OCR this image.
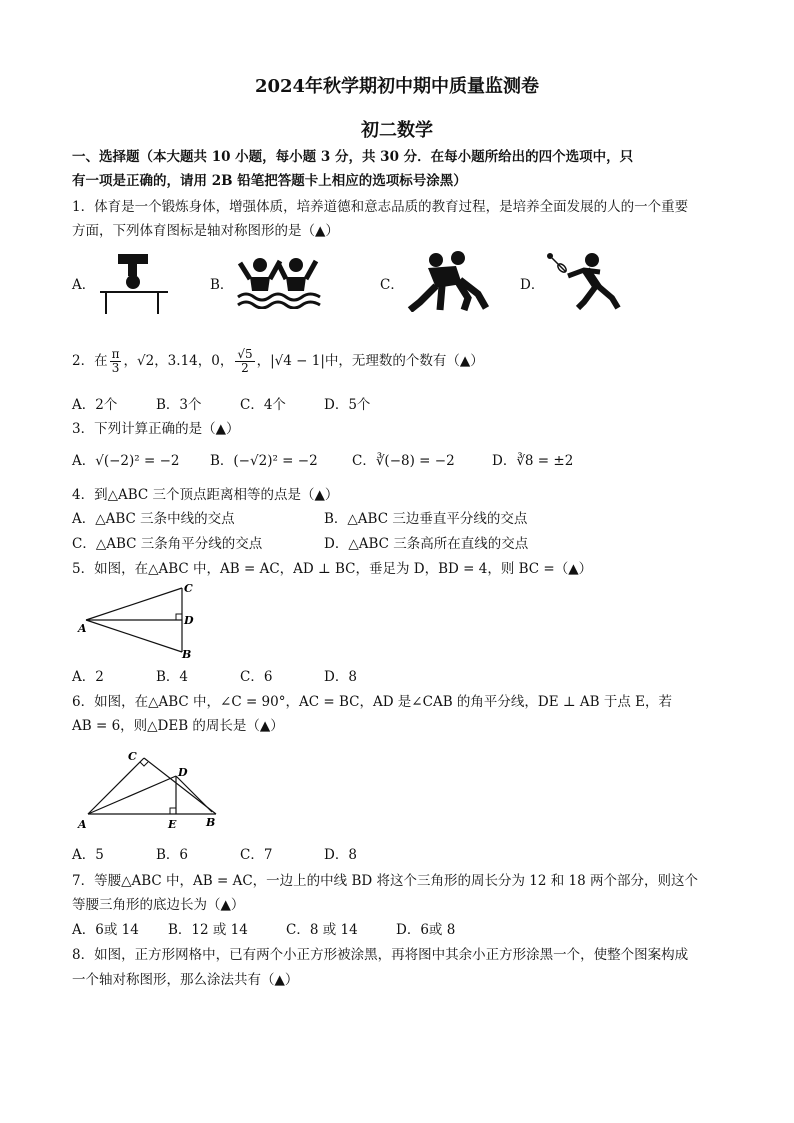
2024年秋学期初中期中质量监测卷
初二数学
一、选择题（本大题共 10 小题，每小题 3 分，共 30 分．在每小题所给出的四个选项中，只
有一项是正确的，请用 2B 铅笔把答题卡上相应的选项标号涂黑）
1．体育是一个锻炼身体，增强体质，培养道德和意志品质的教育过程，是培养全面发展的人的一个重要
方面，下列体育图标是轴对称图形的是（▲）
A．	B．	C．	D．
2．在 $\frac{\pi}{3}$ ，√2，3.14，0， $\frac{√5}{2}$ ，|√4 − 1|中，无理数的个数有（▲）
A．2个	B．3个	C．4个	D．5个
3．下列计算正确的是（▲）
A．√(−2)² = −2 B．(−√2)² = −2	C．∛(−8) = −2	D．∛8 = ±2
4．到△ABC 三个顶点距离相等的点是（▲）
A．△ABC 三条中线的交点	B．△ABC 三边垂直平分线的交点
C．△ABC 三条角平分线的交点	D．△ABC 三条高所在直线的交点
5．如图，在△ABC 中，AB = AC，AD ⊥ BC，垂足为 D，BD = 4，则 BC =（▲）
A
C
D
B
A．2	B．4	C．6	D．8
6．如图，在△ABC 中，∠C = 90°，AC = BC，AD 是∠CAB 的角平分线，DE ⊥ AB 于点 E，若
AB = 6，则△DEB 的周长是（▲）
A
C
D
E	B
A．5	B．6	C．7	D．8
7．等腰△ABC 中，AB = AC，一边上的中线 BD 将这个三角形的周长分为 12 和 18 两个部分，则这个
等腰三角形的底边长为（▲）
A．6或 14 B．12 或 14	C．8 或 14	D．6或 8
8．如图，正方形网格中，已有两个小正方形被涂黑，再将图中其余小正方形涂黑一个，使整个图案构成
一个轴对称图形，那么涂法共有（▲）
